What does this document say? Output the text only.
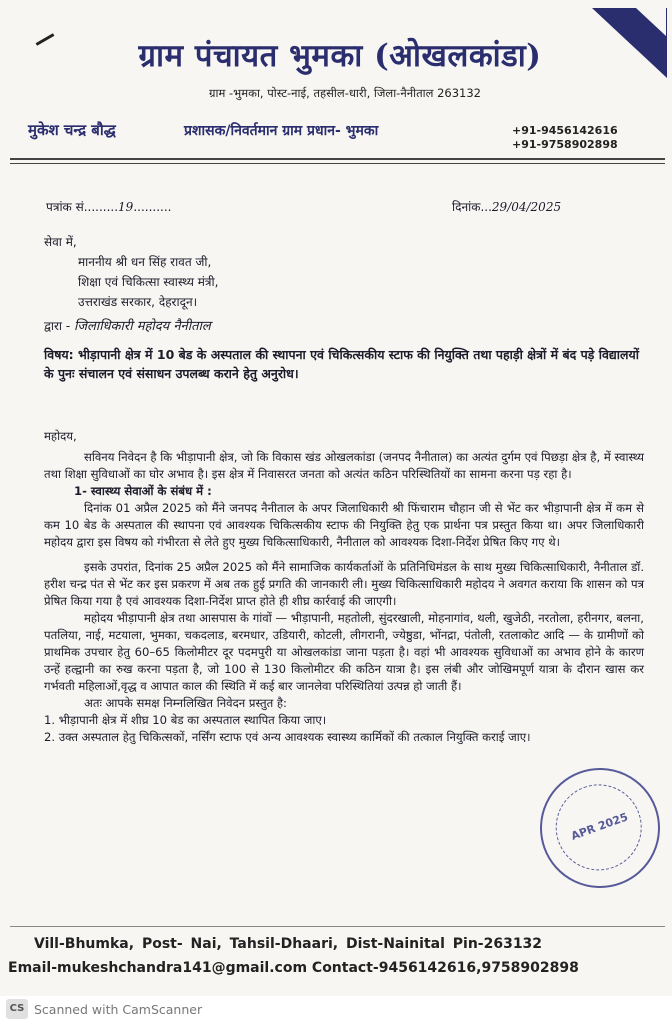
ग्राम पंचायत भुमका (ओखलकांडा)
ग्राम -भुमका, पोस्ट-नाई, तहसील-धारी, जिला-नैनीताल 263132
मुकेश चन्द्र बौद्ध	प्रशासक/निवर्तमान ग्राम प्रधान- भुमका	+91-9456142616
+91-9758902898
पत्रांक सं.........19..........	दिनांक...29/04/2025
सेवा में,
माननीय श्री धन सिंह रावत जी,
शिक्षा एवं चिकित्सा स्वास्थ्य मंत्री,
उत्तराखंड सरकार, देहरादून।
द्वारा - जिलाधिकारी महोदय नैनीताल
विषय: भीड़ापानी क्षेत्र में 10 बेड के अस्पताल की स्थापना एवं चिकित्सकीय स्टाफ की नियुक्ति तथा पहाड़ी क्षेत्रों में बंद पड़े विद्यालयों के पुनः संचालन एवं संसाधन उपलब्ध कराने हेतु अनुरोध।

महोदय,

सविनय निवेदन है कि भीड़ापानी क्षेत्र, जो कि विकास खंड ओखलकांडा (जनपद नैनीताल) का अत्यंत दुर्गम एवं पिछड़ा क्षेत्र है, में स्वास्थ्य तथा शिक्षा सुविधाओं का घोर अभाव है। इस क्षेत्र में निवासरत जनता को अत्यंत कठिन परिस्थितियों का सामना करना पड़ रहा है।

1- स्वास्थ्य सेवाओं के संबंध में :

दिनांक 01 अप्रैल 2025 को मैंने जनपद नैनीताल के अपर जिलाधिकारी श्री फिंचाराम चौहान जी से भेंट कर भीड़ापानी क्षेत्र में कम से कम 10 बेड के अस्पताल की स्थापना एवं आवश्यक चिकित्सकीय स्टाफ की नियुक्ति हेतु एक प्रार्थना पत्र प्रस्तुत किया था। अपर जिलाधिकारी महोदय द्वारा इस विषय को गंभीरता से लेते हुए मुख्य चिकित्साधिकारी, नैनीताल को आवश्यक दिशा-निर्देश प्रेषित किए गए थे।

इसके उपरांत, दिनांक 25 अप्रैल 2025 को मैंने सामाजिक कार्यकर्ताओं के प्रतिनिधिमंडल के साथ मुख्य चिकित्साधिकारी, नैनीताल डॉ. हरीश चन्द्र पंत से भेंट कर इस प्रकरण में अब तक हुई प्रगति की जानकारी ली। मुख्य चिकित्साधिकारी महोदय ने अवगत कराया कि शासन को पत्र प्रेषित किया गया है एवं आवश्यक दिशा-निर्देश प्राप्त होते ही शीघ्र कार्रवाई की जाएगी।

महोदय भीड़ापानी क्षेत्र तथा आसपास के गांवों — भीड़ापानी, महतोली, सुंदरखाली, मोहनागांव, थली, खुजेठी, नरतोला, हरीनगर, बलना, पतलिया, नाई, मटयाला, भुमका, चकदलाड, बरमधार, उडियारी, कोटली, लीगरानी, ज्येष्ठुडा, भोंनद्रा, पंतोली, रतलाकोट आदि — के ग्रामीणों को प्राथमिक उपचार हेतु 60–65 किलोमीटर दूर पदमपुरी या ओखलकांडा जाना पड़ता है। वहां भी आवश्यक सुविधाओं का अभाव होने के कारण उन्हें हल्द्वानी का रुख करना पड़ता है, जो 100 से 130 किलोमीटर की कठिन यात्रा है। इस लंबी और जोखिमपूर्ण यात्रा के दौरान खास कर गर्भवती महिलाओं,वृद्ध व आपात काल की स्थिति में कई बार जानलेवा परिस्थितियां उत्पन्न हो जाती हैं।

अतः आपके समक्ष निम्नलिखित निवेदन प्रस्तुत है:

1. भीड़ापानी क्षेत्र में शीघ्र 10 बेड का अस्पताल स्थापित किया जाए।

2. उक्त अस्पताल हेतु चिकित्सकों, नर्सिंग स्टाफ एवं अन्य आवश्यक स्वास्थ्य कार्मिकों की तत्काल नियुक्ति कराई जाए।

APR 2025
Vill-Bhumka, Post- Nai, Tahsil-Dhaari, Dist-Nainital Pin-263132
Email-mukeshchandra141@gmail.com Contact-9456142616,9758902898
CS Scanned with CamScanner
